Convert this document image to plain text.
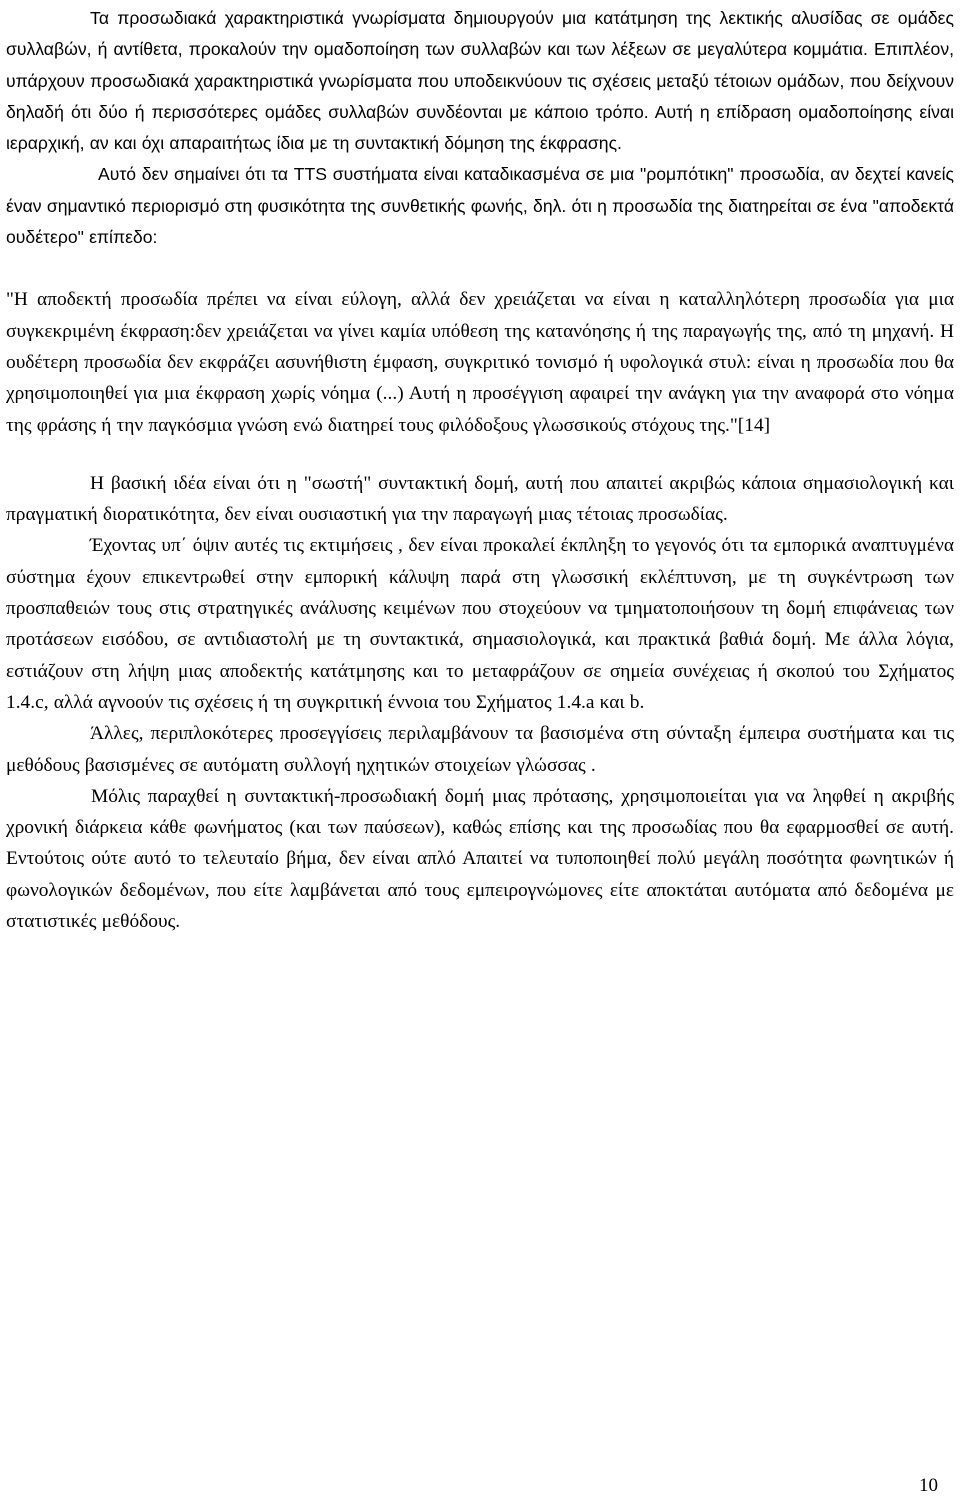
Τα προσωδιακά χαρακτηριστικά γνωρίσματα δημιουργούν μια κατάτμηση της λεκτικής αλυσίδας σε ομάδες συλλαβών, ή αντίθετα, προκαλούν την ομαδοποίηση των συλλαβών και των λέξεων σε μεγαλύτερα κομμάτια. Επιπλέον, υπάρχουν προσωδιακά χαρακτηριστικά γνωρίσματα που υποδεικνύουν τις σχέσεις μεταξύ τέτοιων ομάδων, που δείχνουν δηλαδή ότι δύο ή περισσότερες ομάδες συλλαβών συνδέονται με κάποιο τρόπο. Αυτή η επίδραση ομαδοποίησης είναι ιεραρχική, αν και όχι απαραιτήτως ίδια με τη συντακτική δόμηση της έκφρασης.

Αυτό δεν σημαίνει ότι τα TTS συστήματα είναι καταδικασμένα σε μια "ρομπότικη" προσωδία, αν δεχτεί κανείς έναν σημαντικό περιορισμό στη φυσικότητα της συνθετικής φωνής, δηλ. ότι η προσωδία της διατηρείται σε ένα "αποδεκτά ουδέτερο" επίπεδο:

"Η αποδεκτή προσωδία πρέπει να είναι εύλογη, αλλά δεν χρειάζεται να είναι η καταλληλότερη προσωδία για μια συγκεκριμένη έκφραση:δεν χρειάζεται να γίνει καμία υπόθεση της κατανόησης ή της παραγωγής της, από τη μηχανή. Η ουδέτερη προσωδία δεν εκφράζει ασυνήθιστη έμφαση, συγκριτικό τονισμό ή υφολογικά στυλ: είναι η προσωδία που θα χρησιμοποιηθεί για μια έκφραση χωρίς νόημα (...) Αυτή η προσέγγιση αφαιρεί την ανάγκη για την αναφορά στο νόημα της φράσης ή την παγκόσμια γνώση ενώ διατηρεί τους φιλόδοξους γλωσσικούς στόχους της."[14]

Η βασική ιδέα είναι ότι η "σωστή" συντακτική δομή, αυτή που απαιτεί ακριβώς κάποια σημασιολογική και πραγματική διορατικότητα, δεν είναι ουσιαστική για την παραγωγή μιας τέτοιας προσωδίας.

Έχοντας υπ΄ όψιν αυτές τις εκτιμήσεις , δεν είναι προκαλεί έκπληξη το γεγονός ότι τα εμπορικά αναπτυγμένα σύστημα έχουν επικεντρωθεί στην εμπορική κάλυψη παρά στη γλωσσική εκλέπτυνση, με τη συγκέντρωση των προσπαθειών τους στις στρατηγικές ανάλυσης κειμένων που στοχεύουν να τμηματοποιήσουν τη δομή επιφάνειας των προτάσεων εισόδου, σε αντιδιαστολή με τη συντακτικά, σημασιολογικά, και πρακτικά βαθιά δομή. Με άλλα λόγια, εστιάζουν στη λήψη μιας αποδεκτής κατάτμησης και το μεταφράζουν σε σημεία συνέχειας ή σκοπού του Σχήματος 1.4.c, αλλά αγνοούν τις σχέσεις ή τη συγκριτική έννοια του Σχήματος 1.4.a και b.

Άλλες, περιπλοκότερες προσεγγίσεις περιλαμβάνουν τα βασισμένα στη σύνταξη έμπειρα συστήματα και τις μεθόδους βασισμένες σε αυτόματη συλλογή ηχητικών στοιχείων γλώσσας .

Μόλις παραχθεί η συντακτική-προσωδιακή δομή μιας πρότασης, χρησιμοποιείται για να ληφθεί η ακριβής χρονική διάρκεια κάθε φωνήματος (και των παύσεων), καθώς επίσης και της προσωδίας που θα εφαρμοσθεί σε αυτή. Εντούτοις ούτε αυτό το τελευταίο βήμα, δεν είναι απλό Απαιτεί να τυποποιηθεί πολύ μεγάλη ποσότητα φωνητικών ή φωνολογικών δεδομένων, που είτε λαμβάνεται από τους εμπειρογνώμονες είτε αποκτάται αυτόματα από δεδομένα με στατιστικές μεθόδους.

10
